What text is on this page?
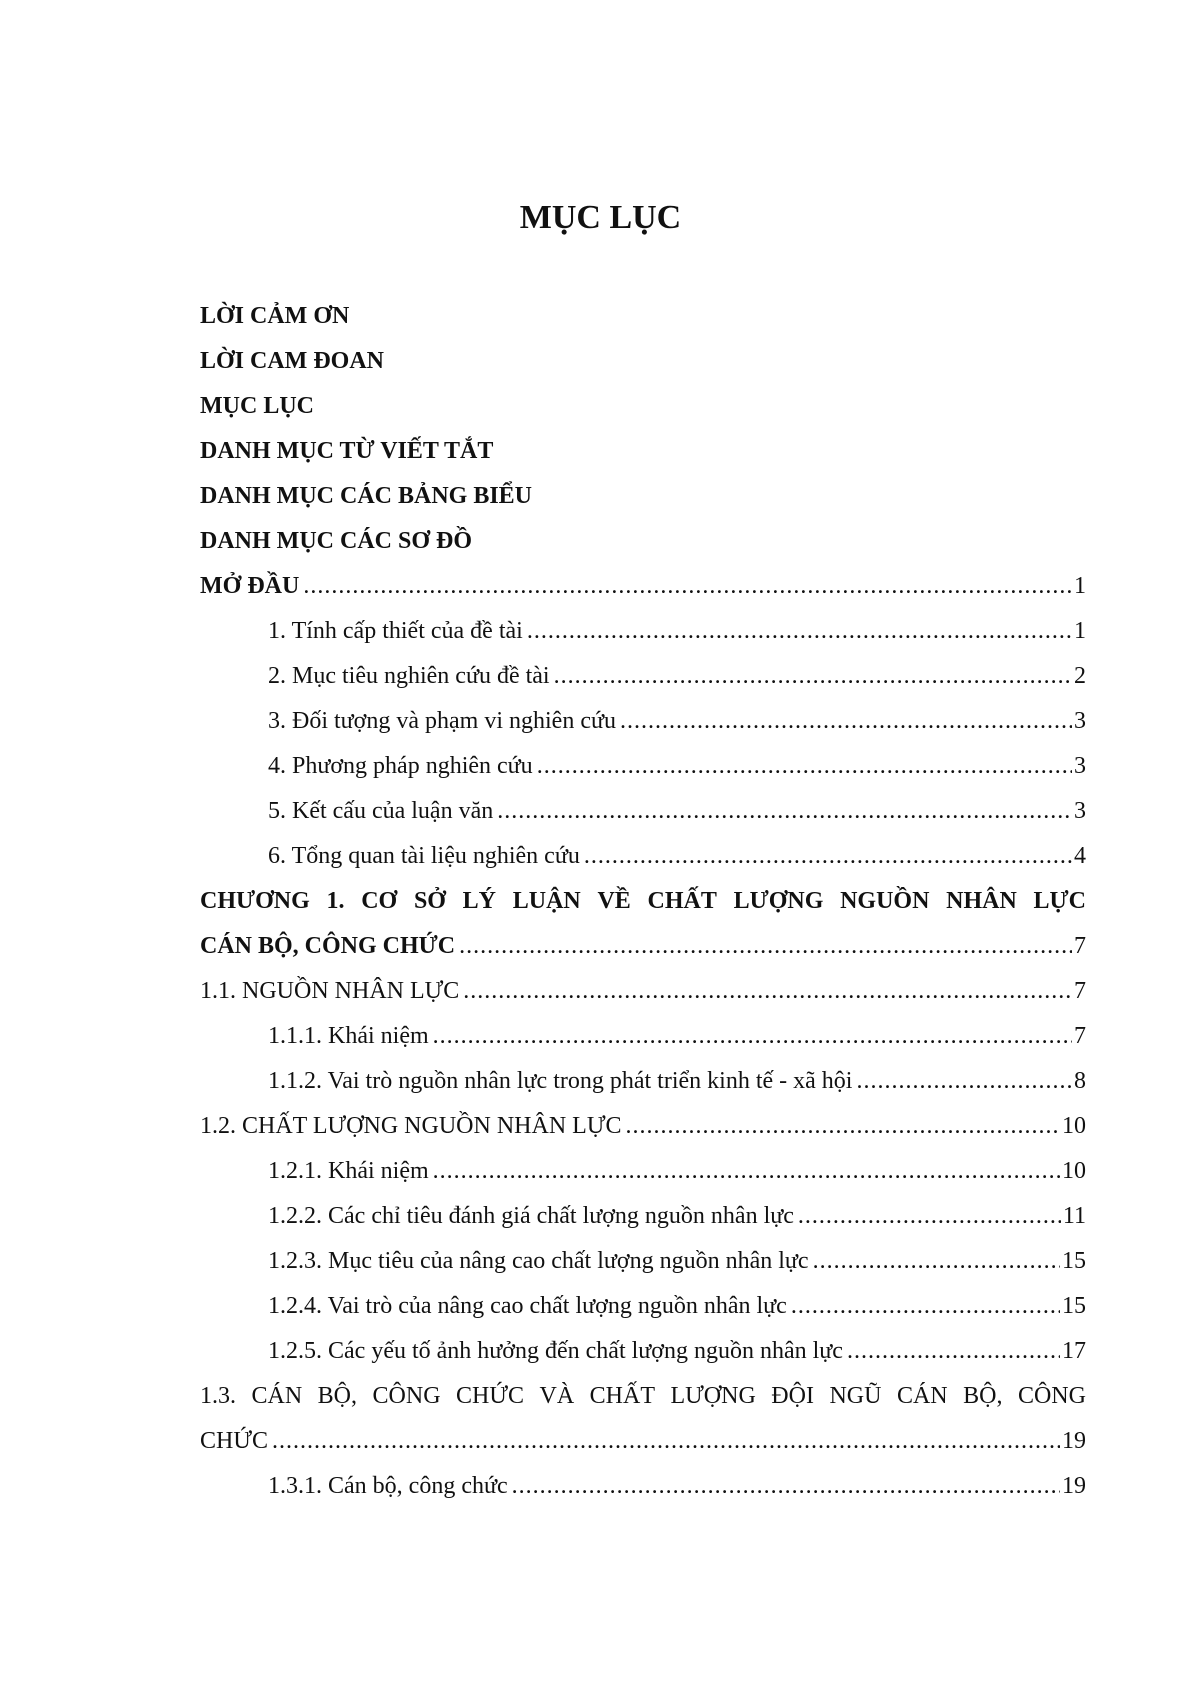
MỤC LỤC
LỜI CẢM ƠN
LỜI CAM ĐOAN
MỤC LỤC
DANH MỤC TỪ VIẾT TẮT
DANH MỤC CÁC BẢNG BIỂU
DANH MỤC CÁC SƠ ĐỒ
MỞ ĐẦU .....	1
1. Tính cấp thiết của đề tài .....	1
2. Mục tiêu nghiên cứu đề tài .....	2
3. Đối tượng và phạm vi nghiên cứu .....	3
4. Phương pháp nghiên cứu .....	3
5. Kết cấu của luận văn .....	3
6. Tổng quan tài liệu nghiên cứu .....	4
CHƯƠNG 1. CƠ SỞ LÝ LUẬN VỀ CHẤT LƯỢNG NGUỒN NHÂN LỰC
CÁN BỘ, CÔNG CHỨC .....	7
1.1. NGUỒN NHÂN LỰC .....	7
1.1.1. Khái niệm .....	7
1.1.2. Vai trò nguồn nhân lực trong phát triển kinh tế - xã hội .....	8
1.2. CHẤT LƯỢNG NGUỒN NHÂN LỰC .....	10
1.2.1. Khái niệm .....	10
1.2.2. Các chỉ tiêu đánh giá chất lượng nguồn nhân lực .....	11
1.2.3. Mục tiêu của nâng cao chất lượng nguồn nhân lực .....	15
1.2.4. Vai trò của nâng cao chất lượng nguồn nhân lực .....	15
1.2.5. Các yếu tố ảnh hưởng đến chất lượng nguồn nhân lực .....	17
1.3. CÁN BỘ, CÔNG CHỨC VÀ CHẤT LƯỢNG ĐỘI NGŨ CÁN BỘ, CÔNG
CHỨC .....	19
1.3.1. Cán bộ, công chức .....	19
